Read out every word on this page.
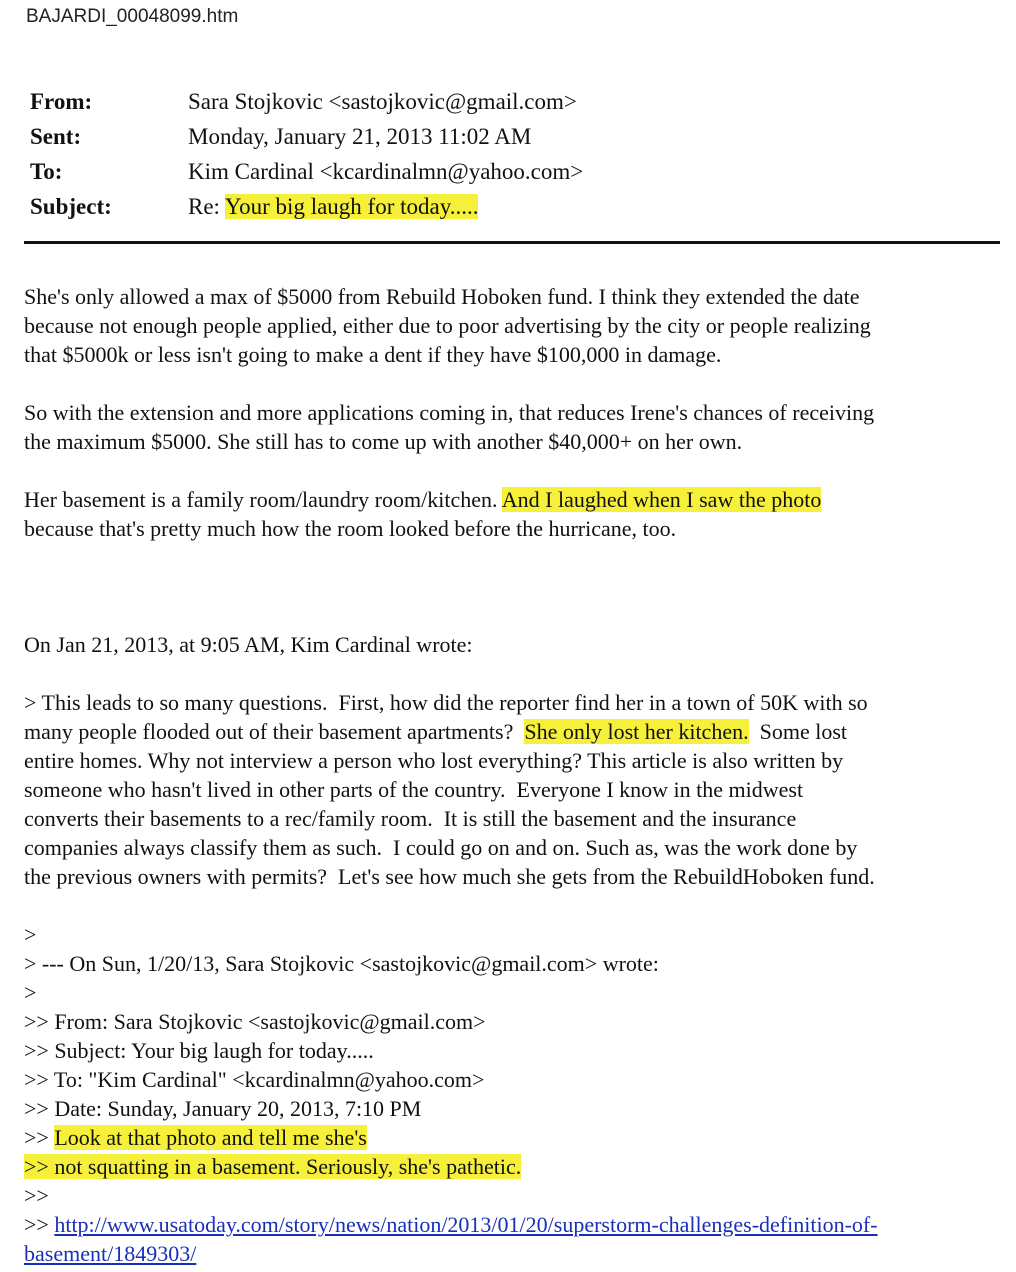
BAJARDI_00048099.htm
From:	Sara Stojkovic <sastojkovic@gmail.com>
Sent:	Monday, January 21, 2013 11:02 AM
To:	Kim Cardinal <kcardinalmn@yahoo.com>
Subject:	Re: Your big laugh for today.....
She's only allowed a max of $5000 from Rebuild Hoboken fund. I think they extended the date
because not enough people applied, either due to poor advertising by the city or people realizing
that $5000k or less isn't going to make a dent if they have $100,000 in damage.
So with the extension and more applications coming in, that reduces Irene's chances of receiving
the maximum $5000. She still has to come up with another $40,000+ on her own.
Her basement is a family room/laundry room/kitchen. And I laughed when I saw the photo
because that's pretty much how the room looked before the hurricane, too.
On Jan 21, 2013, at 9:05 AM, Kim Cardinal wrote:
> This leads to so many questions.  First, how did the reporter find her in a town of 50K with so
many people flooded out of their basement apartments?  She only lost her kitchen.  Some lost
entire homes. Why not interview a person who lost everything? This article is also written by
someone who hasn't lived in other parts of the country.  Everyone I know in the midwest
converts their basements to a rec/family room.  It is still the basement and the insurance
companies always classify them as such.  I could go on and on. Such as, was the work done by
the previous owners with permits?  Let's see how much she gets from the RebuildHoboken fund.
>
> --- On Sun, 1/20/13, Sara Stojkovic <sastojkovic@gmail.com> wrote:
>
>> From: Sara Stojkovic <sastojkovic@gmail.com>
>> Subject: Your big laugh for today.....
>> To: "Kim Cardinal" <kcardinalmn@yahoo.com>
>> Date: Sunday, January 20, 2013, 7:10 PM
>> Look at that photo and tell me she's
>> not squatting in a basement. Seriously, she's pathetic.
>>
>> http://www.usatoday.com/story/news/nation/2013/01/20/superstorm-challenges-definition-of-
basement/1849303/
